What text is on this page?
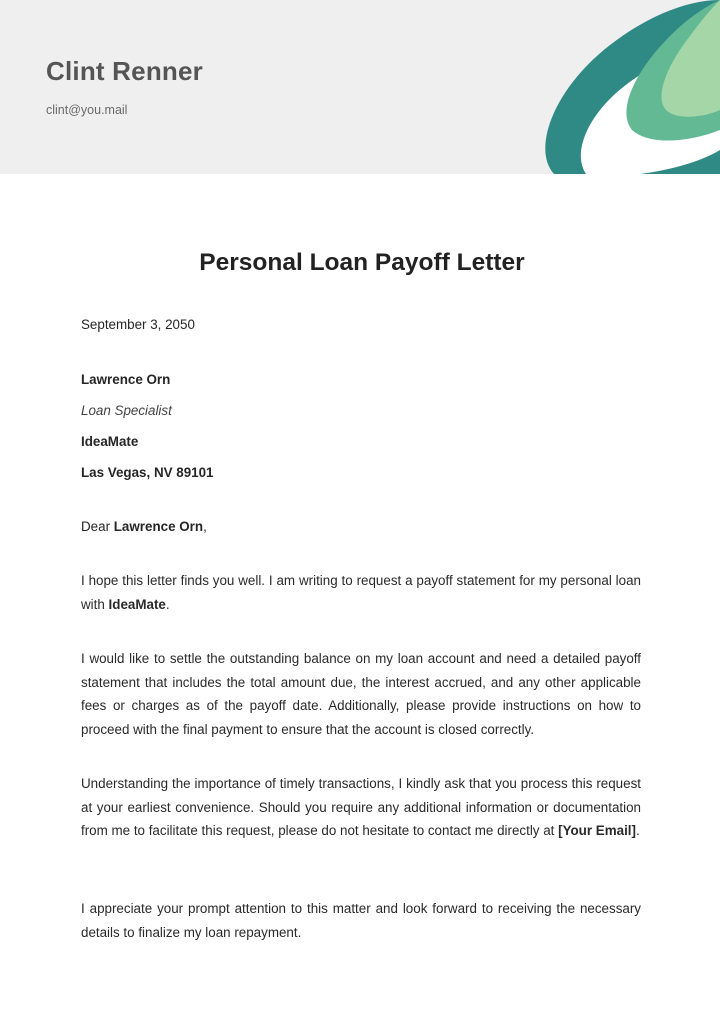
Clint Renner
clint@you.mail
Personal Loan Payoff Letter
September 3, 2050
Lawrence Orn
Loan Specialist
IdeaMate
Las Vegas, NV 89101
Dear Lawrence Orn,

I hope this letter finds you well. I am writing to request a payoff statement for my personal loan with IdeaMate.

I would like to settle the outstanding balance on my loan account and need a detailed payoff statement that includes the total amount due, the interest accrued, and any other applicable fees or charges as of the payoff date. Additionally, please provide instructions on how to proceed with the final payment to ensure that the account is closed correctly.

Understanding the importance of timely transactions, I kindly ask that you process this request at your earliest convenience. Should you require any additional information or documentation from me to facilitate this request, please do not hesitate to contact me directly at [Your Email].

I appreciate your prompt attention to this matter and look forward to receiving the necessary details to finalize my loan repayment.
